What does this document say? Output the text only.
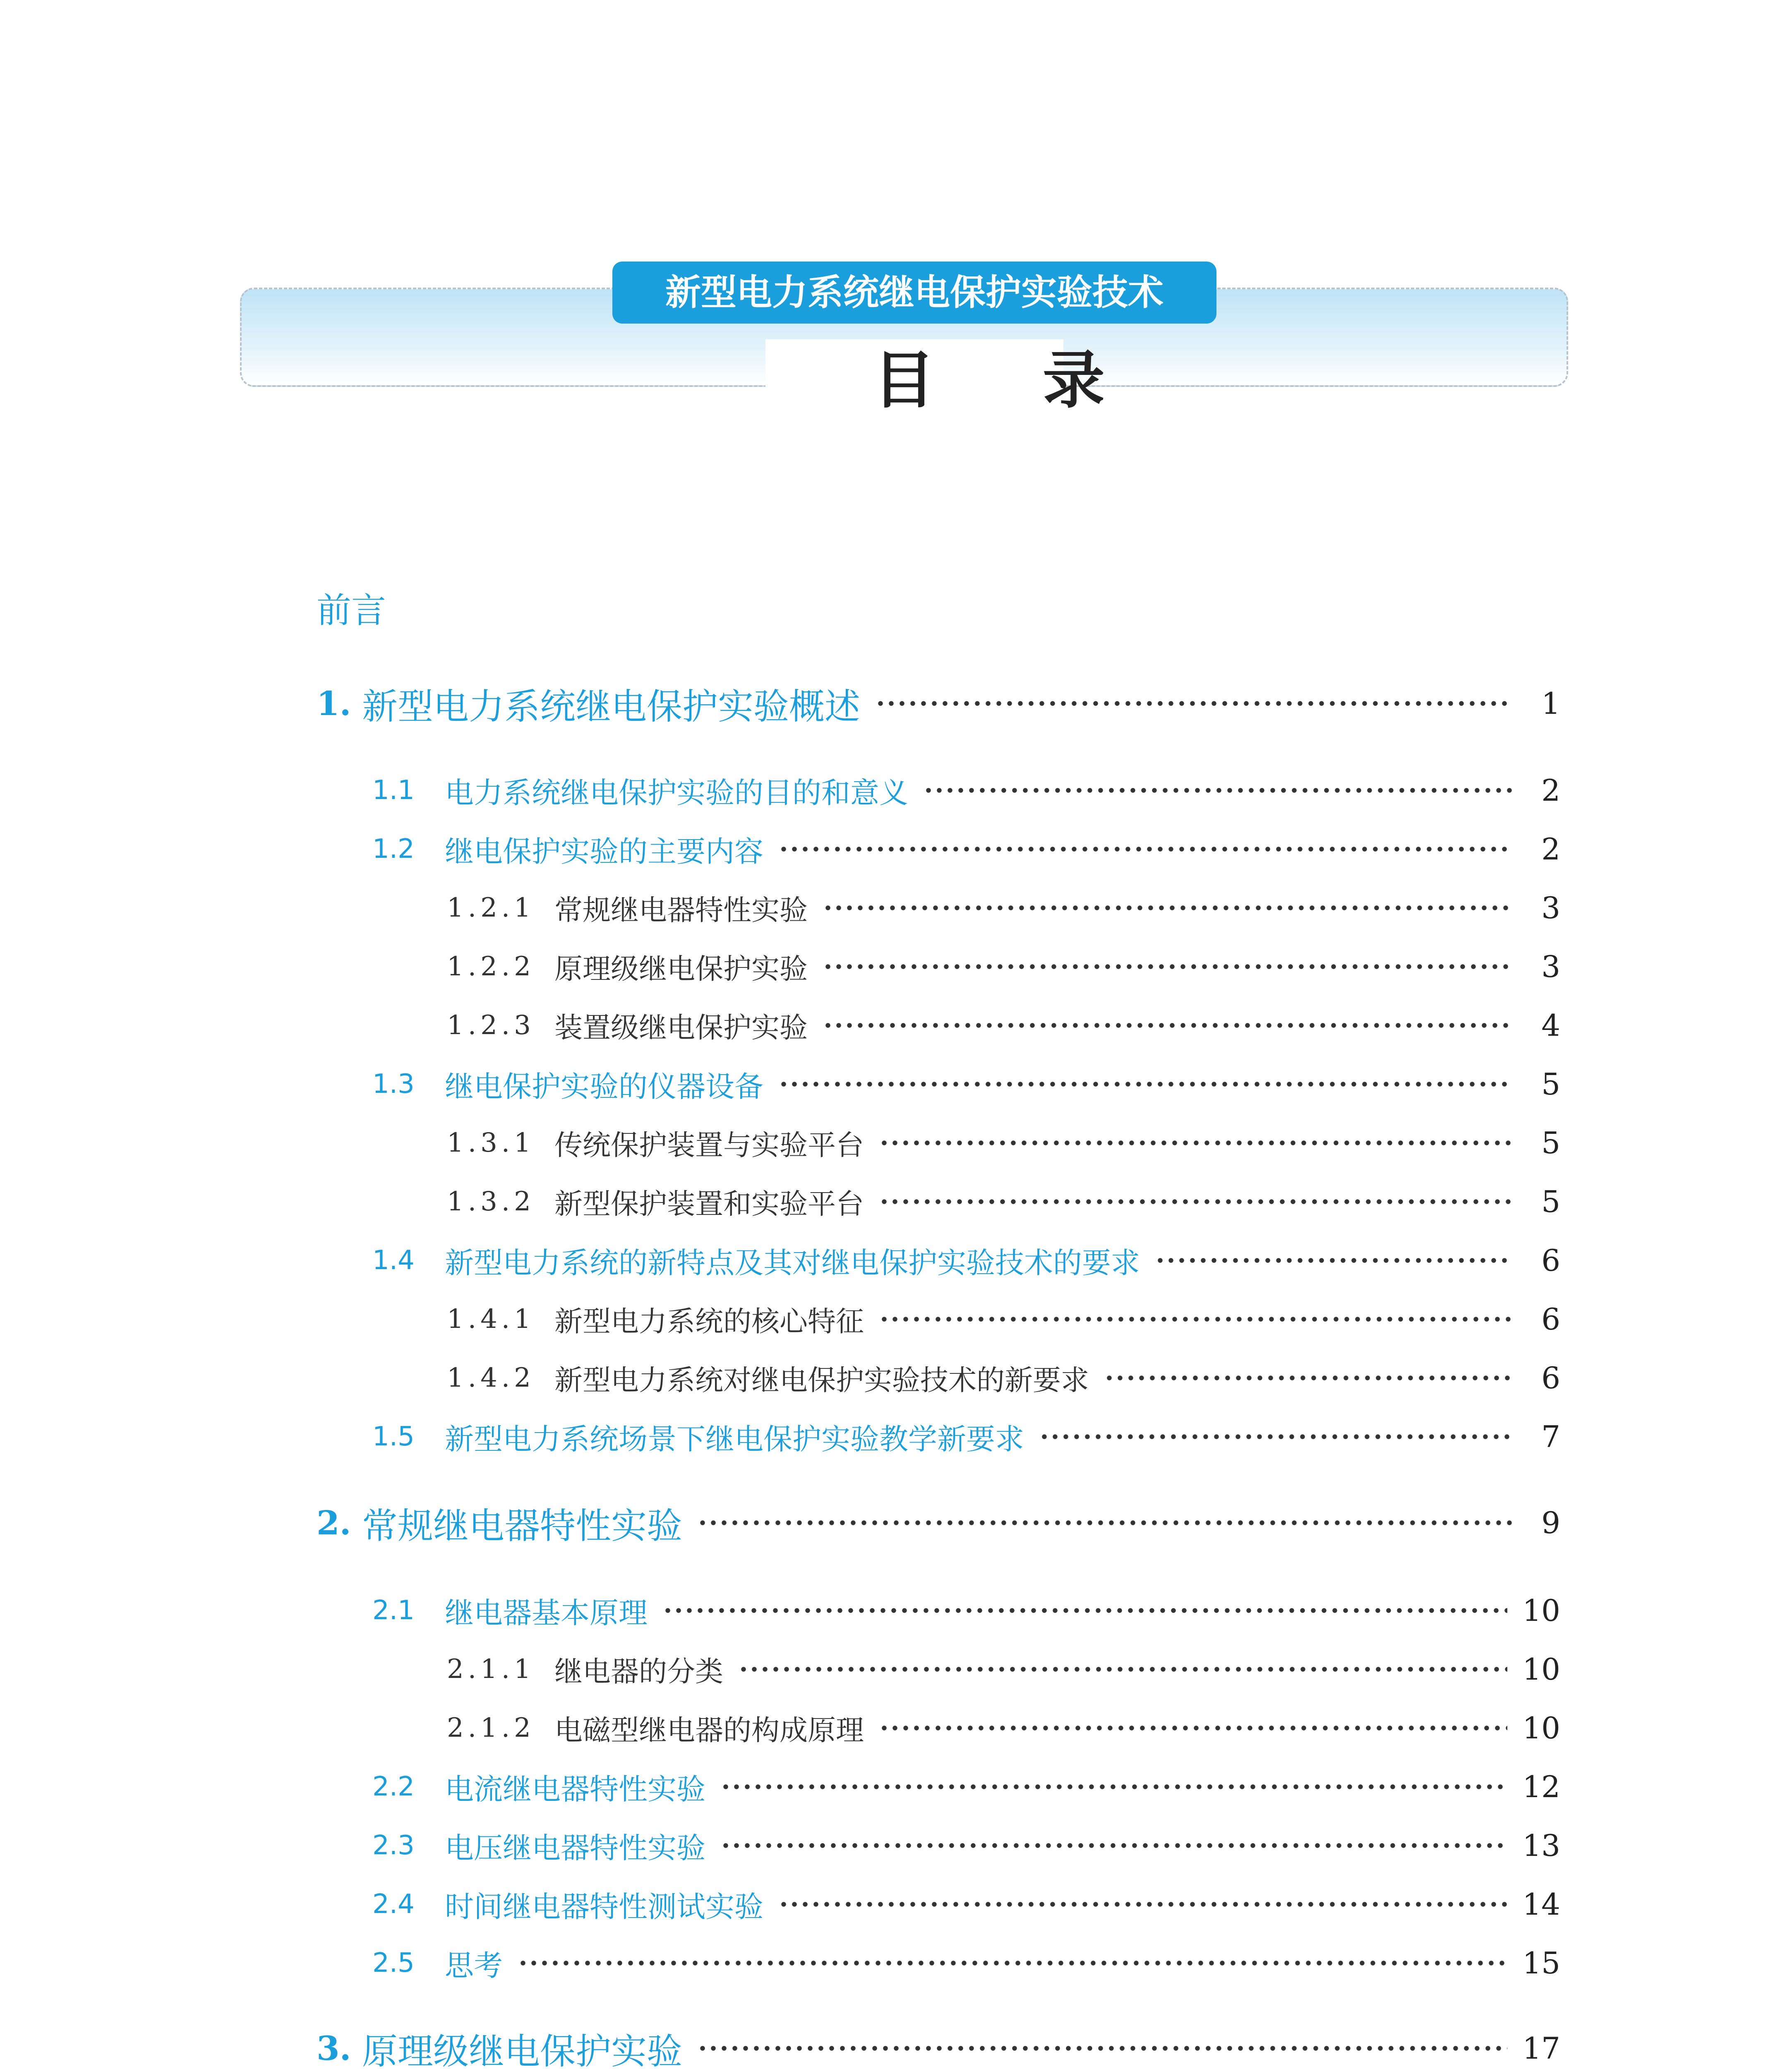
新型电力系统继电保护实验技术
目录
前言
1. 新型电力系统继电保护实验概述	1
1.1	电力系统继电保护实验的目的和意义	2
1.2	继电保护实验的主要内容	2
1.2.1 常规继电器特性实验	3
1.2.2 原理级继电保护实验	3
1.2.3 装置级继电保护实验	4
1.3	继电保护实验的仪器设备	5
1.3.1 传统保护装置与实验平台	5
1.3.2 新型保护装置和实验平台	5
1.4	新型电力系统的新特点及其对继电保护实验技术的要求	6
1.4.1 新型电力系统的核心特征	6
1.4.2 新型电力系统对继电保护实验技术的新要求	6
1.5	新型电力系统场景下继电保护实验教学新要求	7
2. 常规继电器特性实验	9
2.1	继电器基本原理	10
2.1.1 继电器的分类	10
2.1.2 电磁型继电器的构成原理	10
2.2	电流继电器特性实验	12
2.3	电压继电器特性实验	13
2.4	时间继电器特性测试实验	14
2.5	思考	15
3. 原理级继电保护实验	17
